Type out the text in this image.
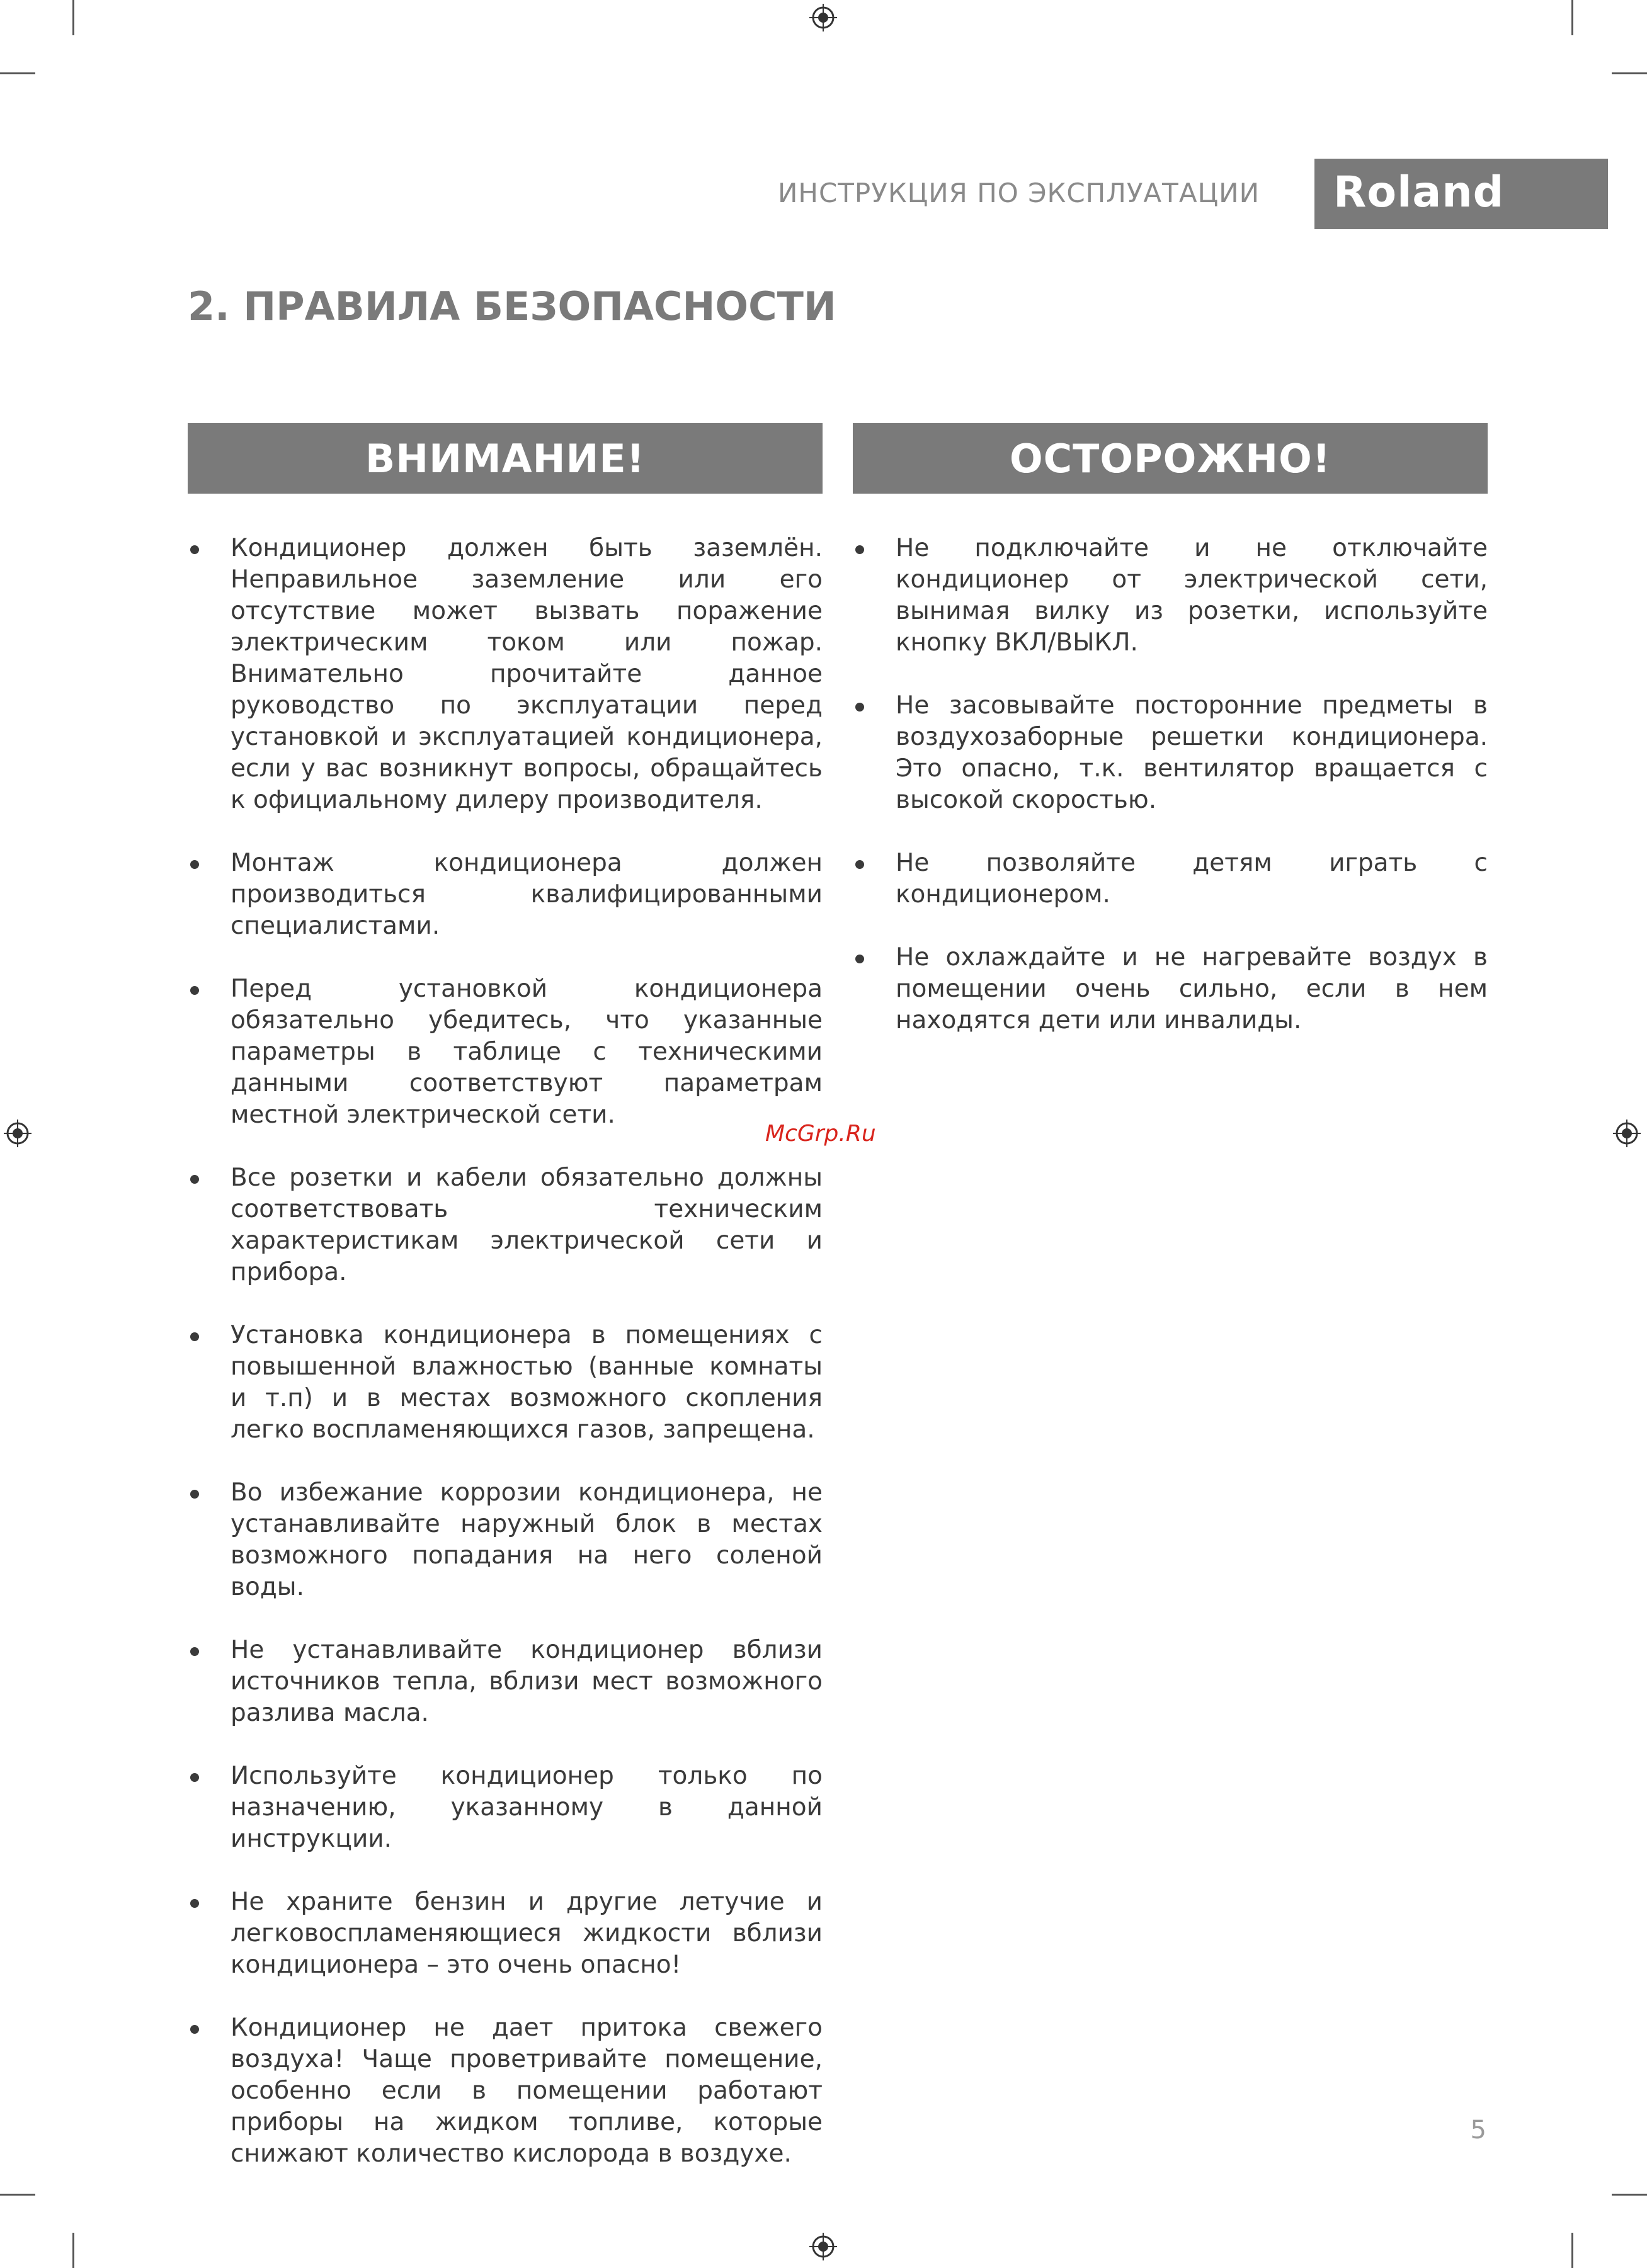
ИНСТРУКЦИЯ ПО ЭКСПЛУАТАЦИИ Roland
2. ПРАВИЛА БЕЗОПАСНОСТИ
ВНИМАНИЕ!	ОСТОРОЖНО!
Кондиционер должен быть заземлён. Неправильное заземление или его отсутствие может вызвать поражение электрическим током или пожар. Внимательно прочитайте данное руководство по эксплуатации перед установкой и эксплуатацией кондиционера, если у вас возникнут вопросы, обращайтесь к официальному дилеру производителя.
Монтаж кондиционера должен производиться квалифицированными специалистами.
Перед установкой кондиционера обязательно убедитесь, что указанные параметры в таблице с техническими данными соответствуют параметрам местной электрической сети.
Все розетки и кабели обязательно должны соответствовать техническим характеристикам электрической сети и прибора.
Установка кондиционера в помещениях с повышенной влажностью (ванные комнаты и т.п) и в местах возможного скопления легко воспламеняющихся газов, запрещена.
Во избежание коррозии кондиционера, не устанавливайте наружный блок в местах возможного попадания на него соленой воды.
Не устанавливайте кондиционер вблизи источников тепла, вблизи мест возможного разлива масла.
Используйте кондиционер только по назначению, указанному в данной инструкции.
Не храните бензин и другие летучие и легковоспламеняющиеся жидкости вблизи кондиционера – это очень опасно!
Кондиционер не дает притока свежего воздуха! Чаще проветривайте помещение, особенно если в помещении работают приборы на жидком топливе, которые снижают количество кислорода в воздухе.
Не подключайте и не отключайте кондиционер от электрической сети, вынимая вилку из розетки, используйте кнопку ВКЛ/ВЫКЛ.
Не засовывайте посторонние предметы в воздухозаборные решетки кондиционера. Это опасно, т.к. вентилятор вращается с высокой скоростью.
Не позволяйте детям играть с кондиционером.
Не охлаждайте и не нагревайте воздух в помещении очень сильно, если в нем находятся дети или инвалиды.
McGrp.Ru
5
